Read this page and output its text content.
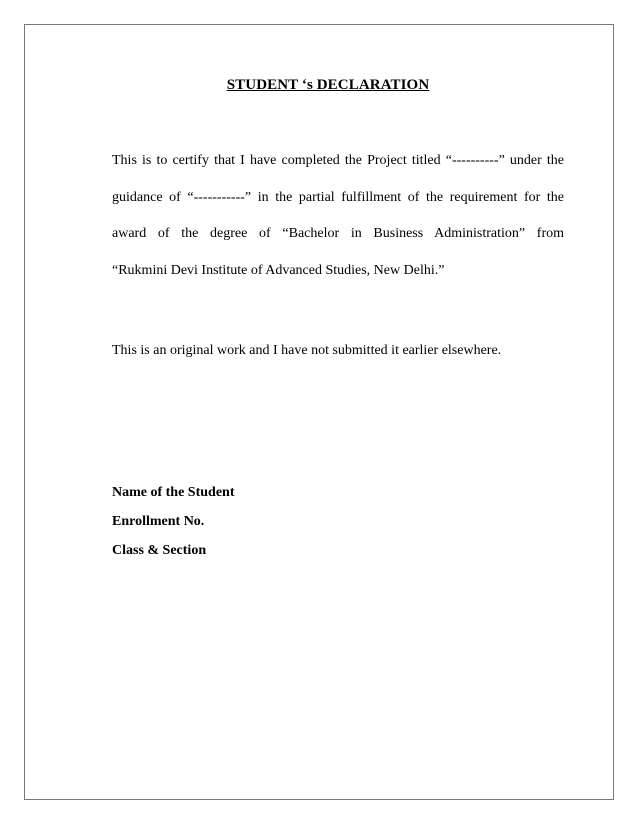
STUDENT ‘s DECLARATION
This is to certify that I have completed the Project titled “----------” under the
guidance of “-----------” in the partial fulfillment of the requirement for the
award of the degree of “Bachelor in Business Administration” from
“Rukmini Devi Institute of Advanced Studies, New Delhi.”
This is an original work and I have not submitted it earlier elsewhere.
Name of the Student
Enrollment No.
Class & Section
